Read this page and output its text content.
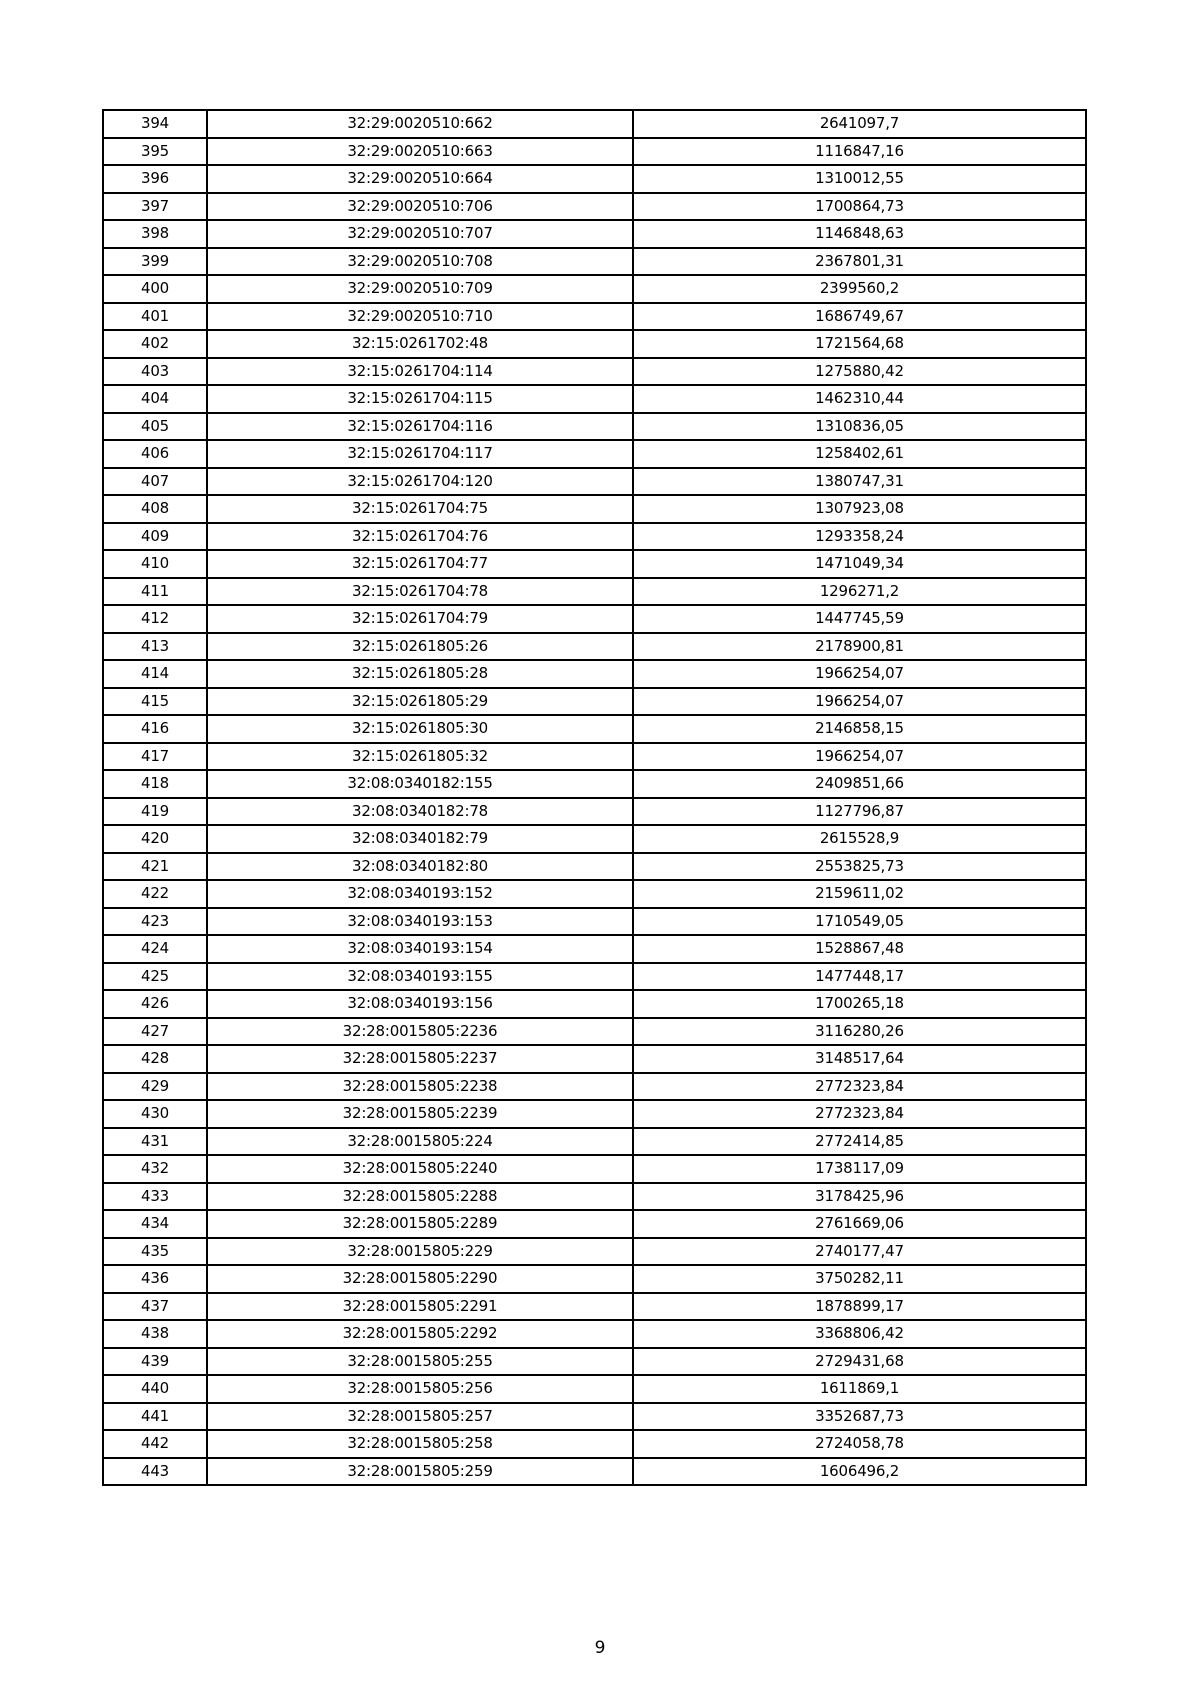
394	32:29:0020510:662	2641097,7
395	32:29:0020510:663	1116847,16
396	32:29:0020510:664	1310012,55
397	32:29:0020510:706	1700864,73
398	32:29:0020510:707	1146848,63
399	32:29:0020510:708	2367801,31
400	32:29:0020510:709	2399560,2
401	32:29:0020510:710	1686749,67
402	32:15:0261702:48	1721564,68
403	32:15:0261704:114	1275880,42
404	32:15:0261704:115	1462310,44
405	32:15:0261704:116	1310836,05
406	32:15:0261704:117	1258402,61
407	32:15:0261704:120	1380747,31
408	32:15:0261704:75	1307923,08
409	32:15:0261704:76	1293358,24
410	32:15:0261704:77	1471049,34
411	32:15:0261704:78	1296271,2
412	32:15:0261704:79	1447745,59
413	32:15:0261805:26	2178900,81
414	32:15:0261805:28	1966254,07
415	32:15:0261805:29	1966254,07
416	32:15:0261805:30	2146858,15
417	32:15:0261805:32	1966254,07
418	32:08:0340182:155	2409851,66
419	32:08:0340182:78	1127796,87
420	32:08:0340182:79	2615528,9
421	32:08:0340182:80	2553825,73
422	32:08:0340193:152	2159611,02
423	32:08:0340193:153	1710549,05
424	32:08:0340193:154	1528867,48
425	32:08:0340193:155	1477448,17
426	32:08:0340193:156	1700265,18
427	32:28:0015805:2236	3116280,26
428	32:28:0015805:2237	3148517,64
429	32:28:0015805:2238	2772323,84
430	32:28:0015805:2239	2772323,84
431	32:28:0015805:224	2772414,85
432	32:28:0015805:2240	1738117,09
433	32:28:0015805:2288	3178425,96
434	32:28:0015805:2289	2761669,06
435	32:28:0015805:229	2740177,47
436	32:28:0015805:2290	3750282,11
437	32:28:0015805:2291	1878899,17
438	32:28:0015805:2292	3368806,42
439	32:28:0015805:255	2729431,68
440	32:28:0015805:256	1611869,1
441	32:28:0015805:257	3352687,73
442	32:28:0015805:258	2724058,78
443	32:28:0015805:259	1606496,2
9
